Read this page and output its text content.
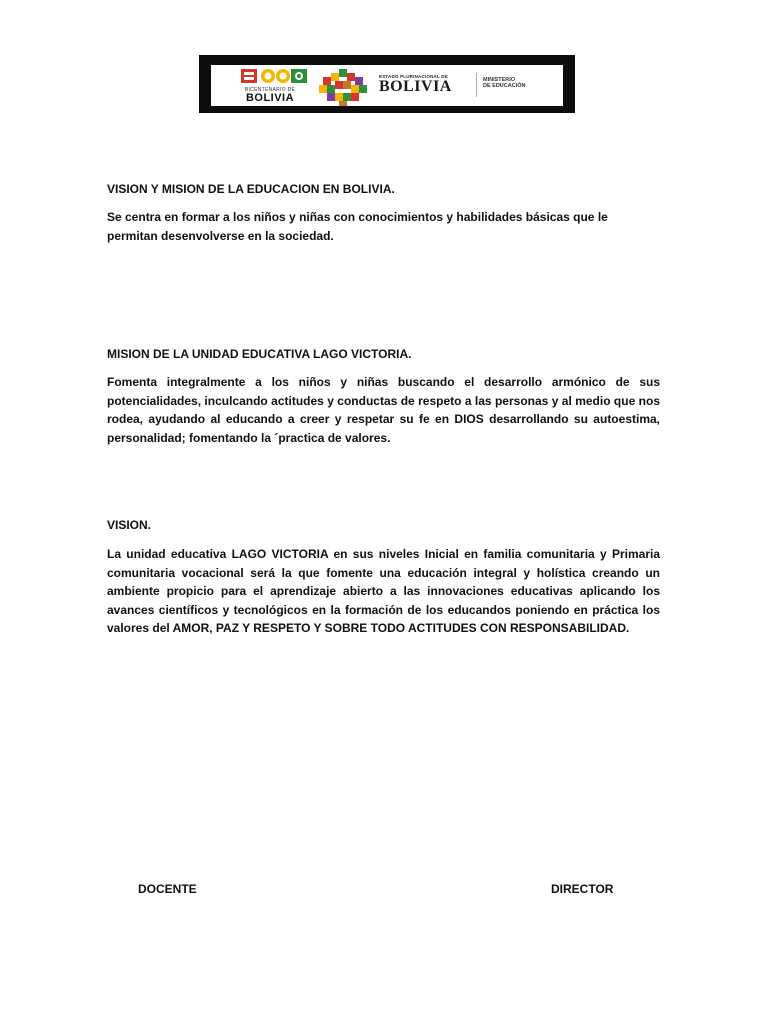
BICENTENARIO DE
BOLIVIA
ESTADO PLURINACIONAL DE
BOLIVIA	MINISTERIO
DE EDUCACIÓN

VISION Y MISION DE LA EDUCACION EN BOLIVIA.

Se centra en formar a los niños y niñas con conocimientos y habilidades básicas que le permitan desenvolverse en la sociedad.

MISION DE LA UNIDAD EDUCATIVA LAGO VICTORIA.

Fomenta integralmente a los niños y niñas buscando el desarrollo armónico de sus potencialidades, inculcando actitudes y conductas de respeto a las personas y al medio que nos rodea, ayudando al educando a creer y respetar su fe en DIOS desarrollando su autoestima, personalidad; fomentando la ´practica de valores.

VISION.

La unidad educativa LAGO VICTORIA en sus niveles Inicial en familia comunitaria y Primaria comunitaria vocacional será la que fomente una educación integral y holística creando un ambiente propicio para el aprendizaje abierto a las innovaciones educativas aplicando los avances científicos y tecnológicos en la formación de los educandos poniendo en práctica los valores del AMOR, PAZ Y RESPETO Y SOBRE TODO ACTITUDES CON RESPONSABILIDAD.

DOCENTE	DIRECTOR
